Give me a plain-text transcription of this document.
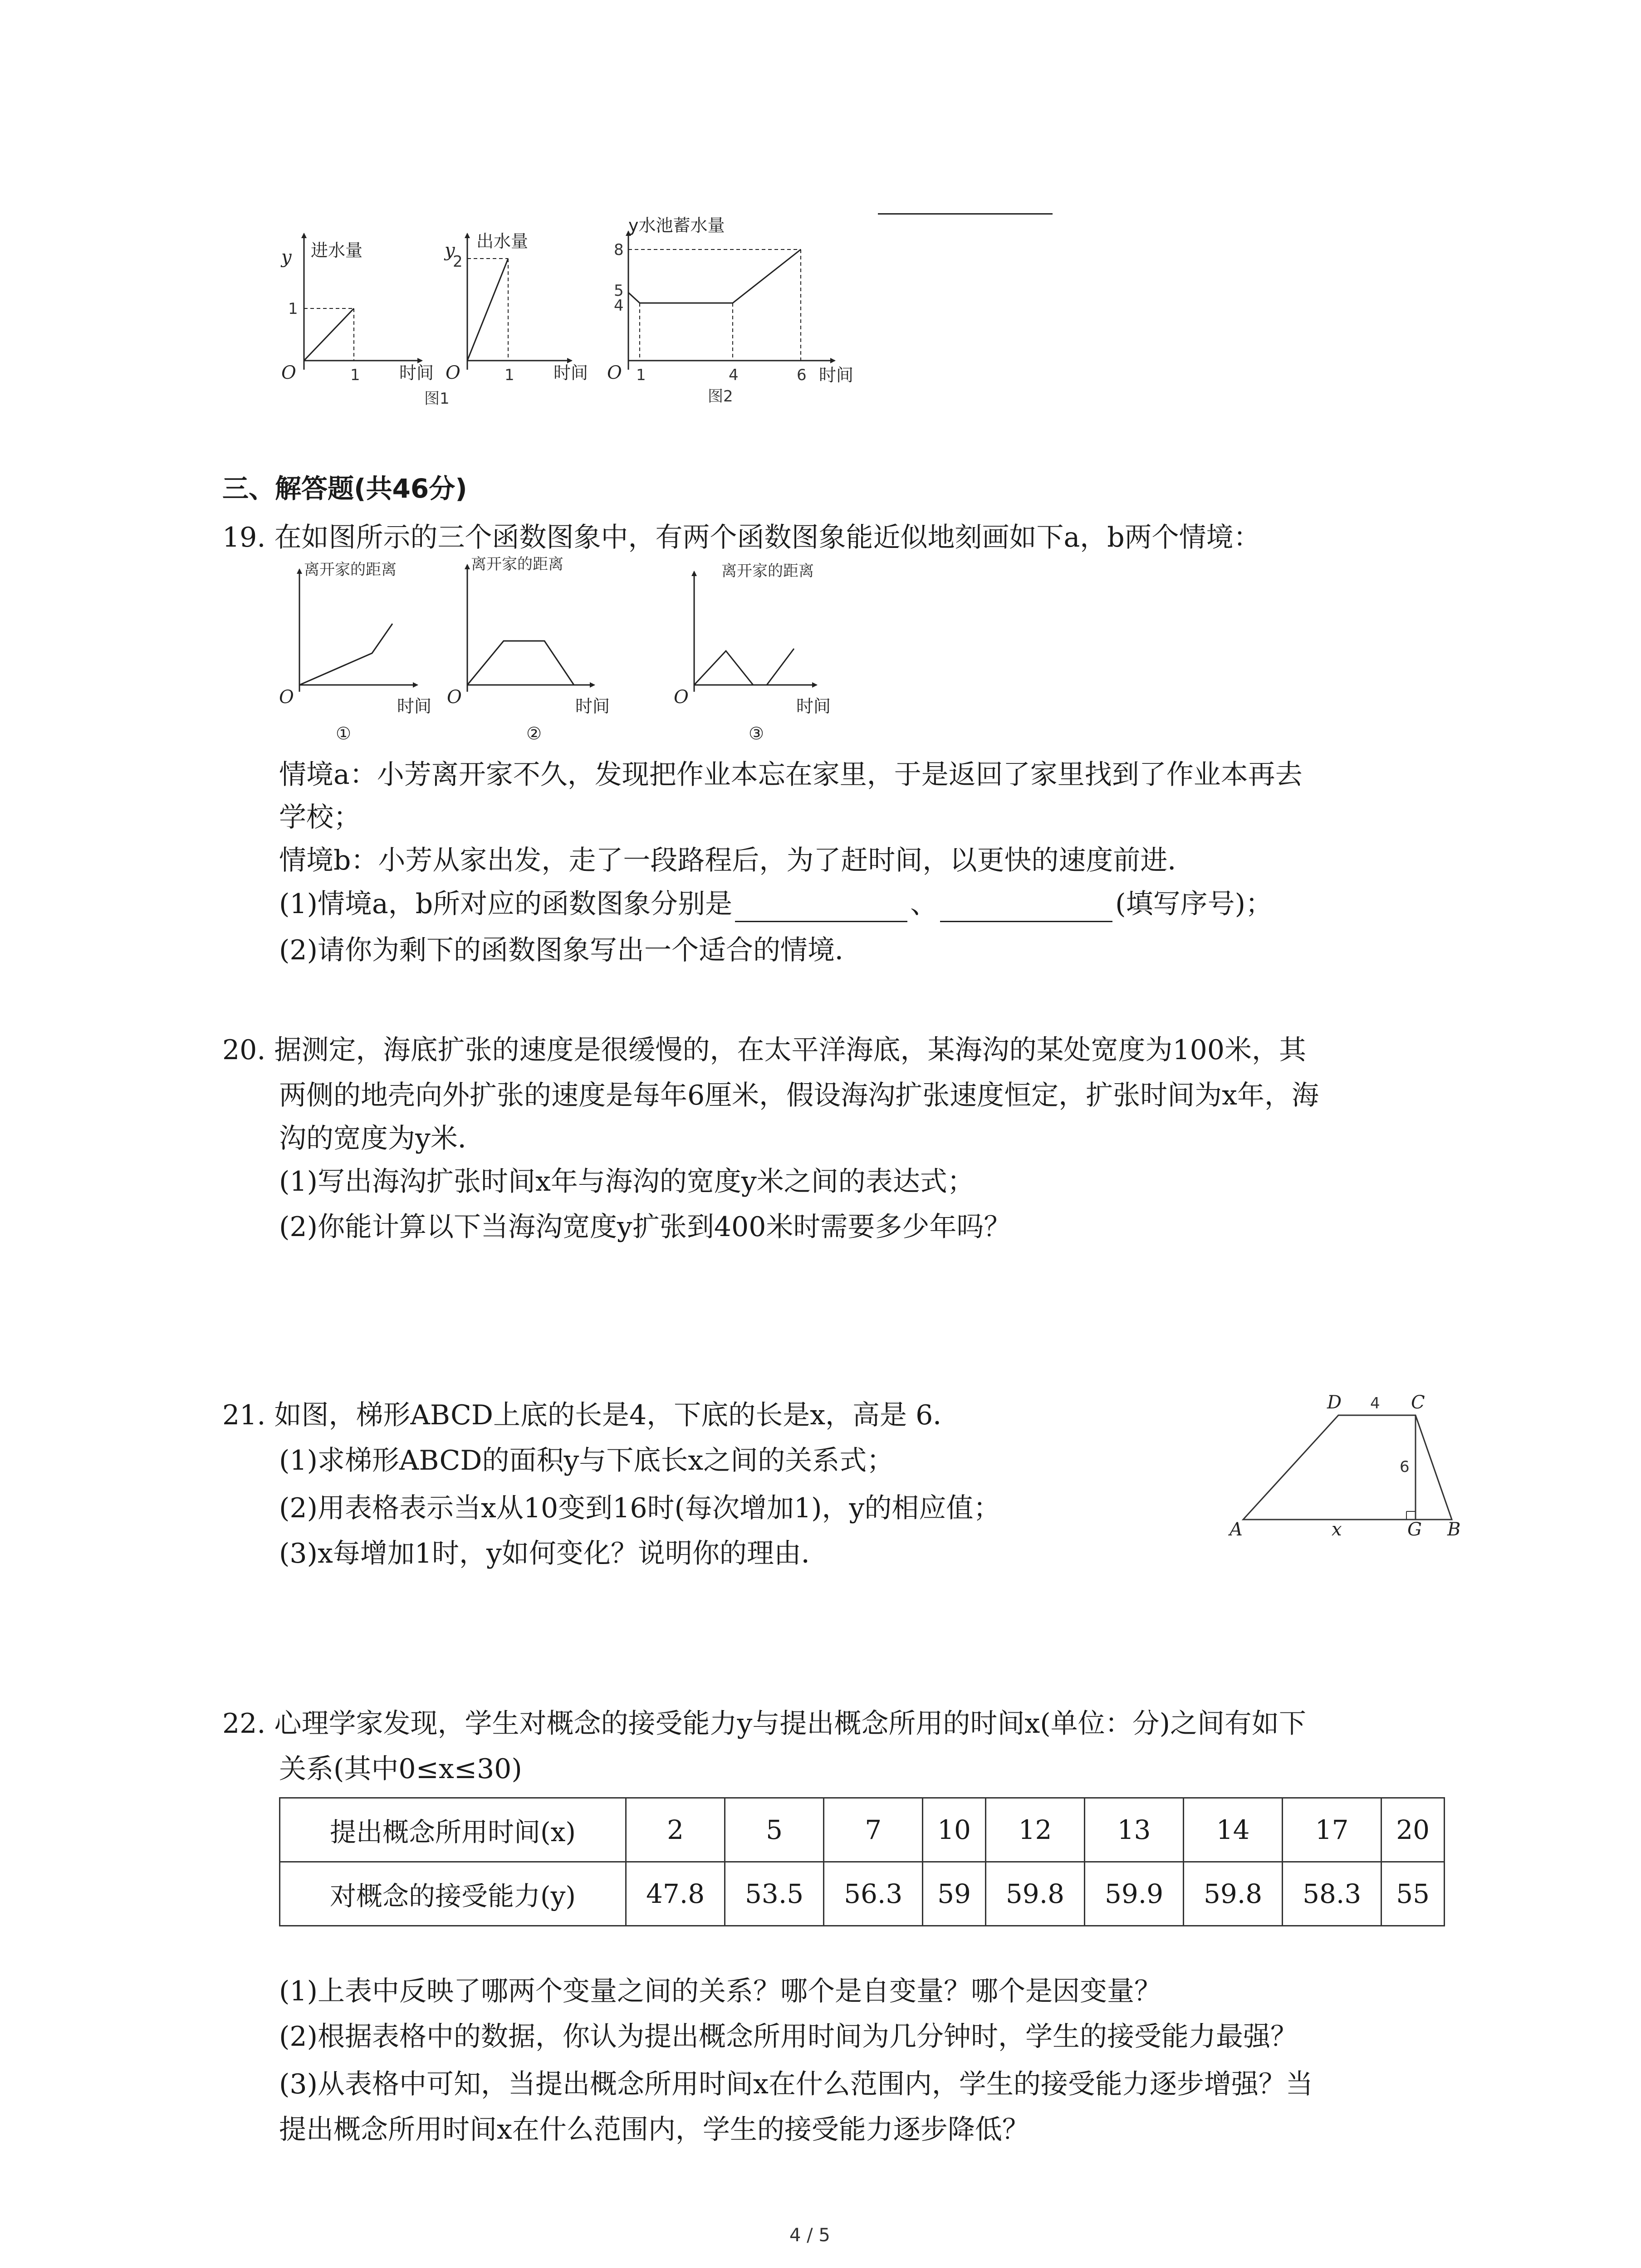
进水量
y
O
1
1 时间
出水量
y
O
2
1 时间
y水池蓄水量
8
5
4
O 1	4	6 时间
图1	图2
三、解答题(共46分)
19. 在如图所示的三个函数图象中，有两个函数图象能近似地刻画如下a，b两个情境：
离开家的距离
O	时间
①
离开家的距离
O	时间
②
离开家的距离
O	时间
③
情境a：小芳离开家不久，发现把作业本忘在家里，于是返回了家里找到了作业本再去
学校；
情境b：小芳从家出发，走了一段路程后，为了赶时间，以更快的速度前进．
(1)情境a，b所对应的函数图象分别是	、	(填写序号)；
(2)请你为剩下的函数图象写出一个适合的情境．
20. 据测定，海底扩张的速度是很缓慢的，在太平洋海底，某海沟的某处宽度为100米，其
两侧的地壳向外扩张的速度是每年6厘米，假设海沟扩张速度恒定，扩张时间为x年，海
沟的宽度为y米．
(1)写出海沟扩张时间x年与海沟的宽度y米之间的表达式；
(2)你能计算以下当海沟宽度y扩张到400米时需要多少年吗？
21. 如图，梯形ABCD上底的长是4，下底的长是x，高是 6．
(1)求梯形ABCD的面积y与下底长x之间的关系式；
(2)用表格表示当x从10变到16时(每次增加1)，y的相应值；
(3)x每增加1时，y如何变化？说明你的理由．
D 4 C
6
A	x	G B
22. 心理学家发现，学生对概念的接受能力y与提出概念所用的时间x(单位：分)之间有如下
关系(其中0≤x≤30)
提出概念所用时间(x)	2	5	7	10	12	13	14	17	20
对概念的接受能力(y)	47.8	53.5	56.3	59	59.8	59.9	59.8	58.3	55
(1)上表中反映了哪两个变量之间的关系？哪个是自变量？哪个是因变量？
(2)根据表格中的数据，你认为提出概念所用时间为几分钟时，学生的接受能力最强？
(3)从表格中可知，当提出概念所用时间x在什么范围内，学生的接受能力逐步增强？当
提出概念所用时间x在什么范围内，学生的接受能力逐步降低？
4 / 5
